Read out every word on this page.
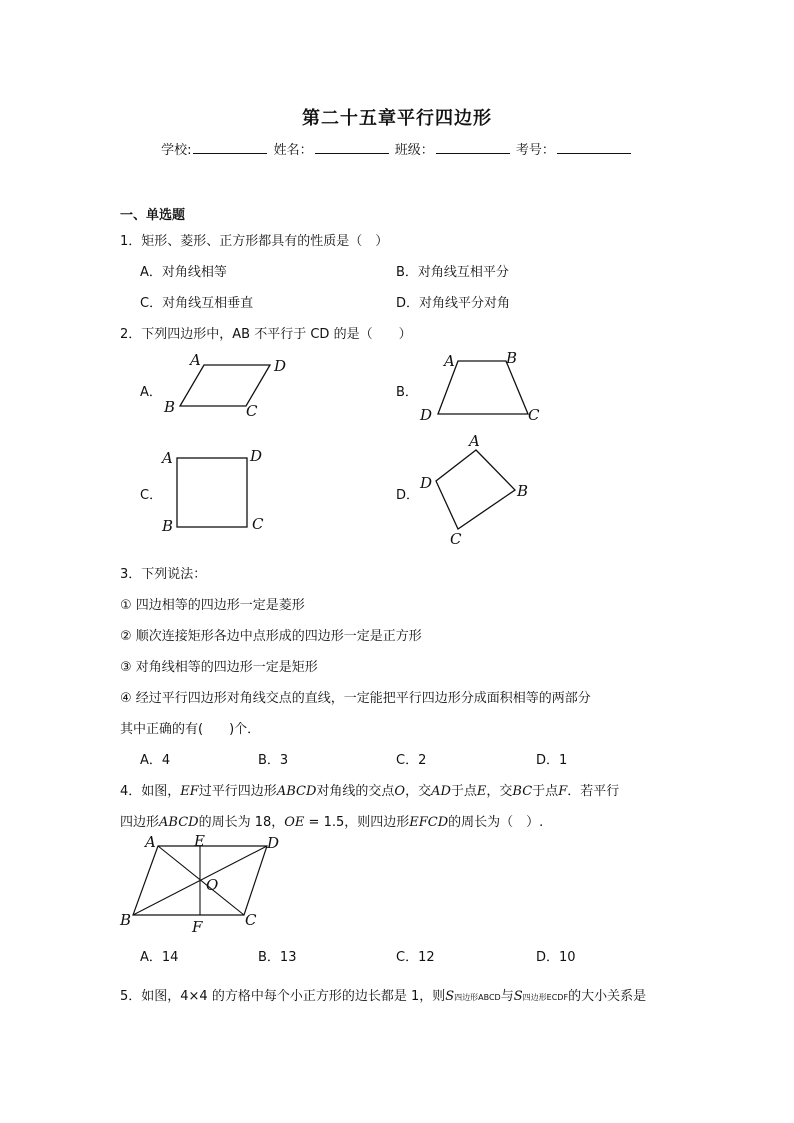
第二十五章平行四边形
学校:	姓名：	班级：	考号：
一、单选题
1．矩形、菱形、正方形都具有的性质是（　）
A．对角线相等	B．对角线互相平分
C．对角线互相垂直	D．对角线平分对角
2．下列四边形中，AB 不平行于 CD 的是（　　）
A．
A	D
B	C
B．
A	B
D	C
C．
A	D
B	C
D．
A
B
D
C
3．下列说法：
① 四边相等的四边形一定是菱形
② 顺次连接矩形各边中点形成的四边形一定是正方形
③ 对角线相等的四边形一定是矩形
④ 经过平行四边形对角线交点的直线，一定能把平行四边形分成面积相等的两部分
其中正确的有(　　)个．
A．4	B．3	C．2	D．1
4．如图，EF过平行四边形ABCD对角线的交点O，交AD于点E，交BC于点F．若平行
四边形ABCD的周长为 18，OE = 1.5，则四边形EFCD的周长为（　）.
A	E	D
O
B	F	C
A．14	B．13	C．12	D．10
5．如图，4×4 的方格中每个小正方形的边长都是 1，则S四边形ABCD与S四边形ECDF的大小关系是
